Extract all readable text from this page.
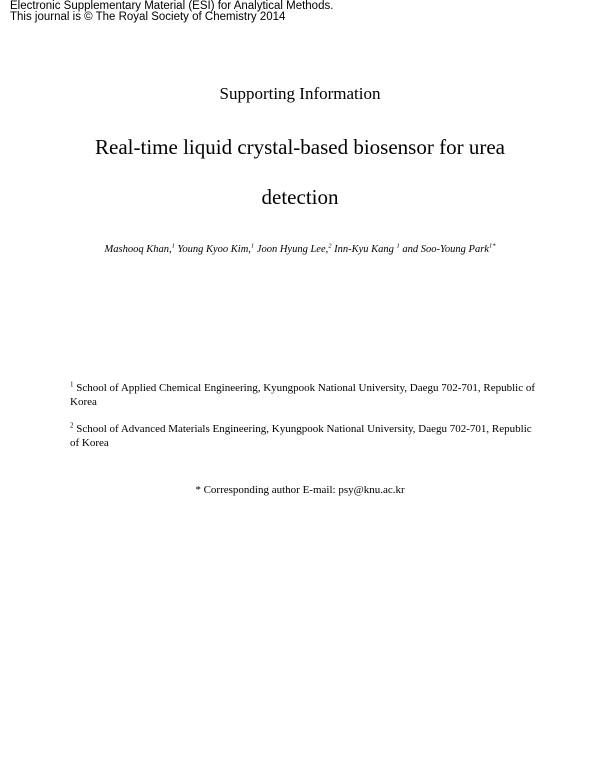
Electronic Supplementary Material (ESI) for Analytical Methods.
This journal is © The Royal Society of Chemistry 2014
Supporting Information
Real-time liquid crystal-based biosensor for urea
detection
Mashooq Khan,$^1$ Young Kyoo Kim,$^1$ Joon Hyung Lee,$^2$ Inn-Kyu Kang $^1$ and Soo-Young Park$^{1*}$
$^1$ School of Applied Chemical Engineering, Kyungpook National University, Daegu 702-701, Republic of Korea
$^2$ School of Advanced Materials Engineering, Kyungpook National University, Daegu 702-701, Republic of Korea
* Corresponding author E-mail: psy@knu.ac.kr
